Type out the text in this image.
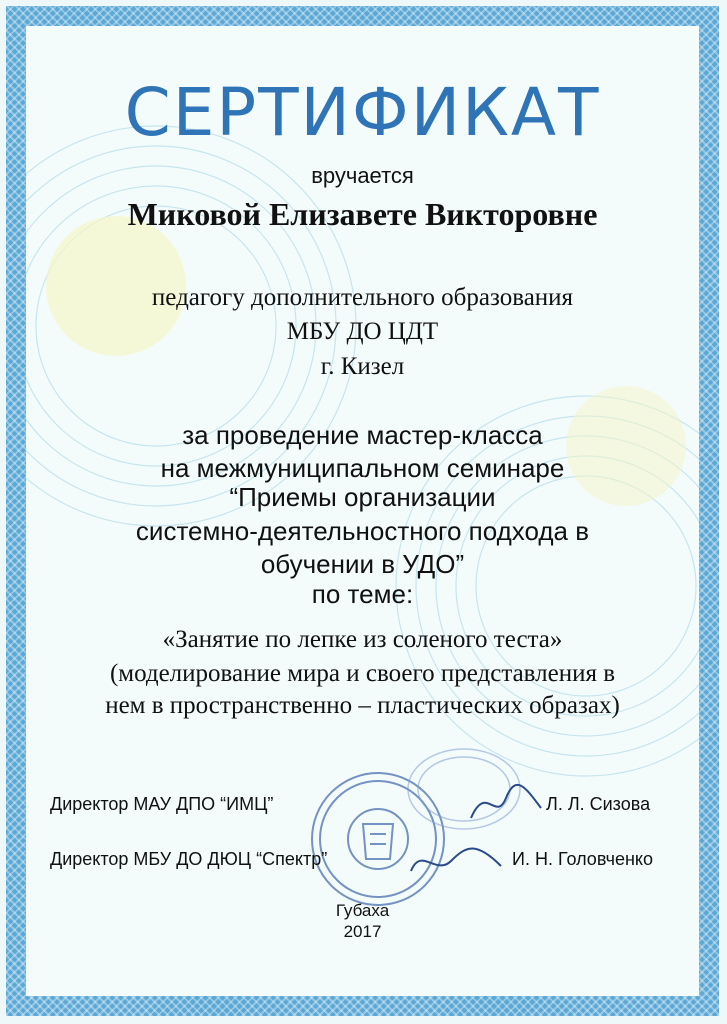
СЕРТИФИКАТ
вручается
Миковой Елизавете Викторовне
педагогу дополнительного образования
МБУ ДО ЦДТ
г. Кизел
за проведение мастер-класса
на межмуниципальном семинаре
“Приемы организации
системно-деятельностного подхода в
обучении в УДО”
по теме:
«Занятие по лепке из соленого теста»
(моделирование мира и своего представления в
нем в пространственно – пластических образах)
Директор МАУ ДПО “ИМЦ”	Л. Л. Сизова
Директор МБУ ДО ДЮЦ “Спектр”	И. Н. Головченко
Губаха
2017
